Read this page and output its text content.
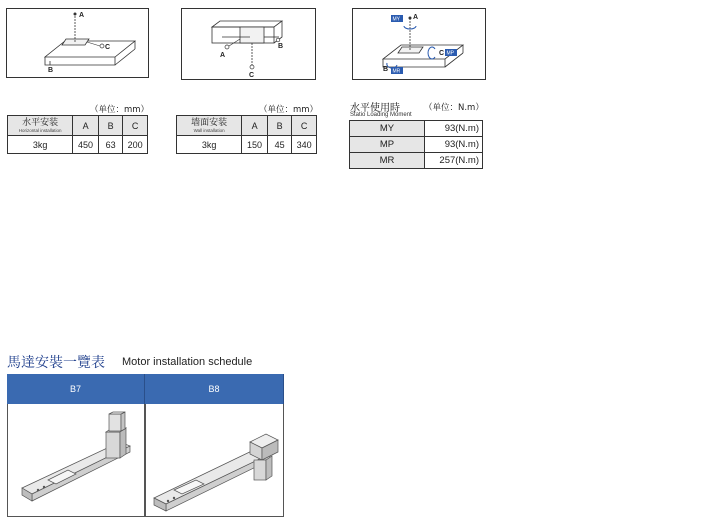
A
B
C
A
B
C
A
MY
C MP
B MR
（单位：mm）
水平安装
Horizontal installation	A	B	C
3kg	450	63	200
（单位：mm）
墙面安装
Wall installation	A	B	C
3kg	150	45	340
水平使用時	（单位：N.m）
Statio Loading Moment
MY	93(N.m)
MP	93(N.m)
MR	257(N.m)
馬達安裝一覽表 Motor installation schedule
B7	B8
